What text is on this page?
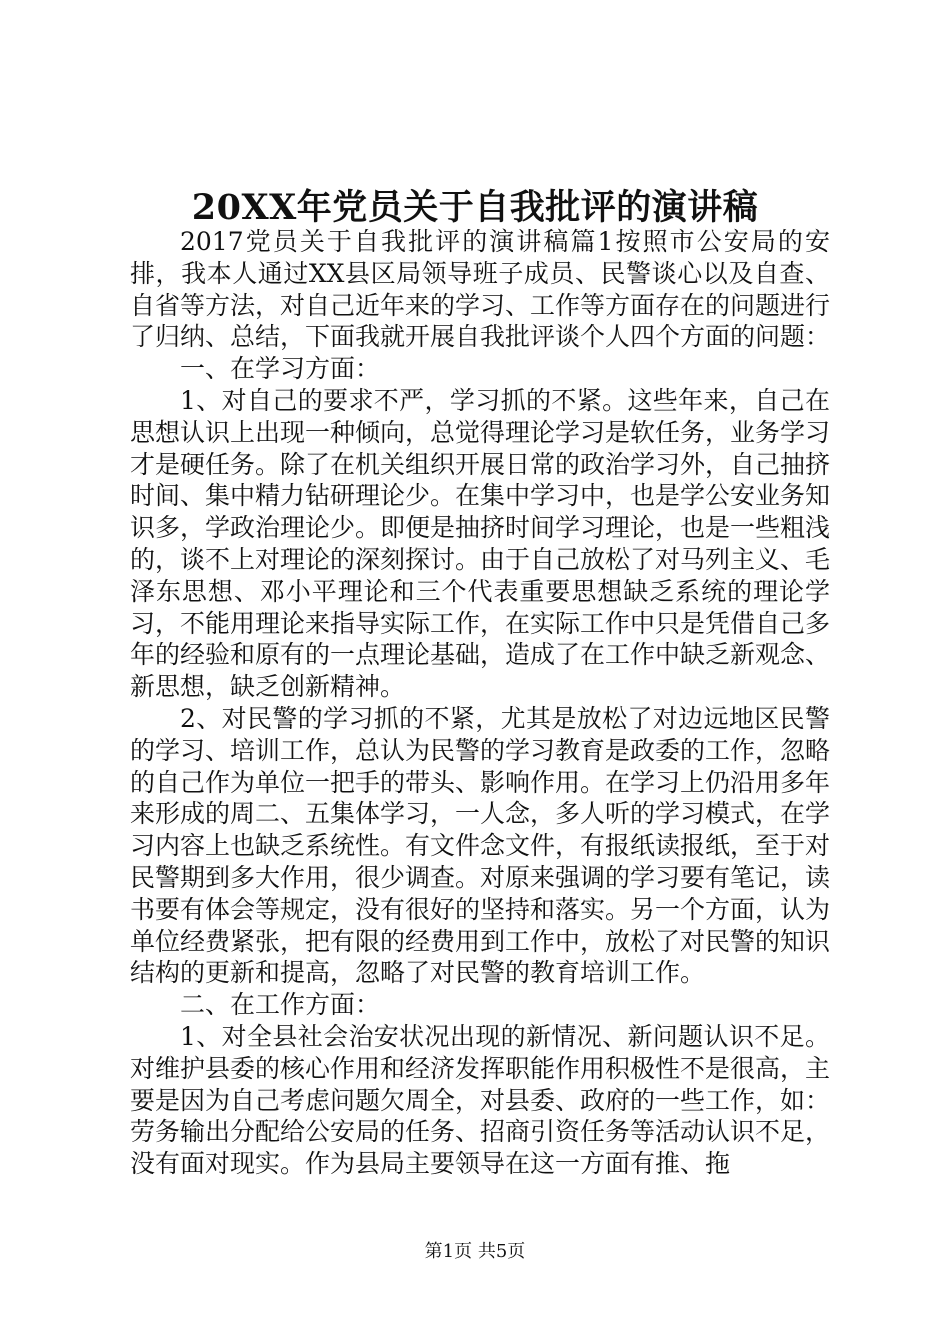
20XX年党员关于自我批评的演讲稿

2017党员关于自我批评的演讲稿篇1按照市公安局的安排，我本人通过XX县区局领导班子成员、民警谈心以及自查、自省等方法，对自己近年来的学习、工作等方面存在的问题进行了归纳、总结，下面我就开展自我批评谈个人四个方面的问题：

一、在学习方面：

1、对自己的要求不严，学习抓的不紧。这些年来，自己在思想认识上出现一种倾向，总觉得理论学习是软任务，业务学习才是硬任务。除了在机关组织开展日常的政治学习外，自己抽挤时间、集中精力钻研理论少。在集中学习中，也是学公安业务知识多，学政治理论少。即便是抽挤时间学习理论，也是一些粗浅的，谈不上对理论的深刻探讨。由于自己放松了对马列主义、毛泽东思想、邓小平理论和三个代表重要思想缺乏系统的理论学习，不能用理论来指导实际工作，在实际工作中只是凭借自己多年的经验和原有的一点理论基础，造成了在工作中缺乏新观念、新思想，缺乏创新精神。

2、对民警的学习抓的不紧，尤其是放松了对边远地区民警的学习、培训工作，总认为民警的学习教育是政委的工作，忽略的自己作为单位一把手的带头、影响作用。在学习上仍沿用多年来形成的周二、五集体学习，一人念，多人听的学习模式，在学习内容上也缺乏系统性。有文件念文件，有报纸读报纸，至于对民警期到多大作用，很少调查。对原来强调的学习要有笔记，读书要有体会等规定，没有很好的坚持和落实。另一个方面，认为单位经费紧张，把有限的经费用到工作中，放松了对民警的知识结构的更新和提高，忽略了对民警的教育培训工作。

二、在工作方面：

1、对全县社会治安状况出现的新情况、新问题认识不足。对维护县委的核心作用和经济发挥职能作用积极性不是很高，主要是因为自己考虑问题欠周全，对县委、政府的一些工作，如：劳务输出分配给公安局的任务、招商引资任务等活动认识不足，没有面对现实。作为县局主要领导在这一方面有推、拖

第1页 共5页
